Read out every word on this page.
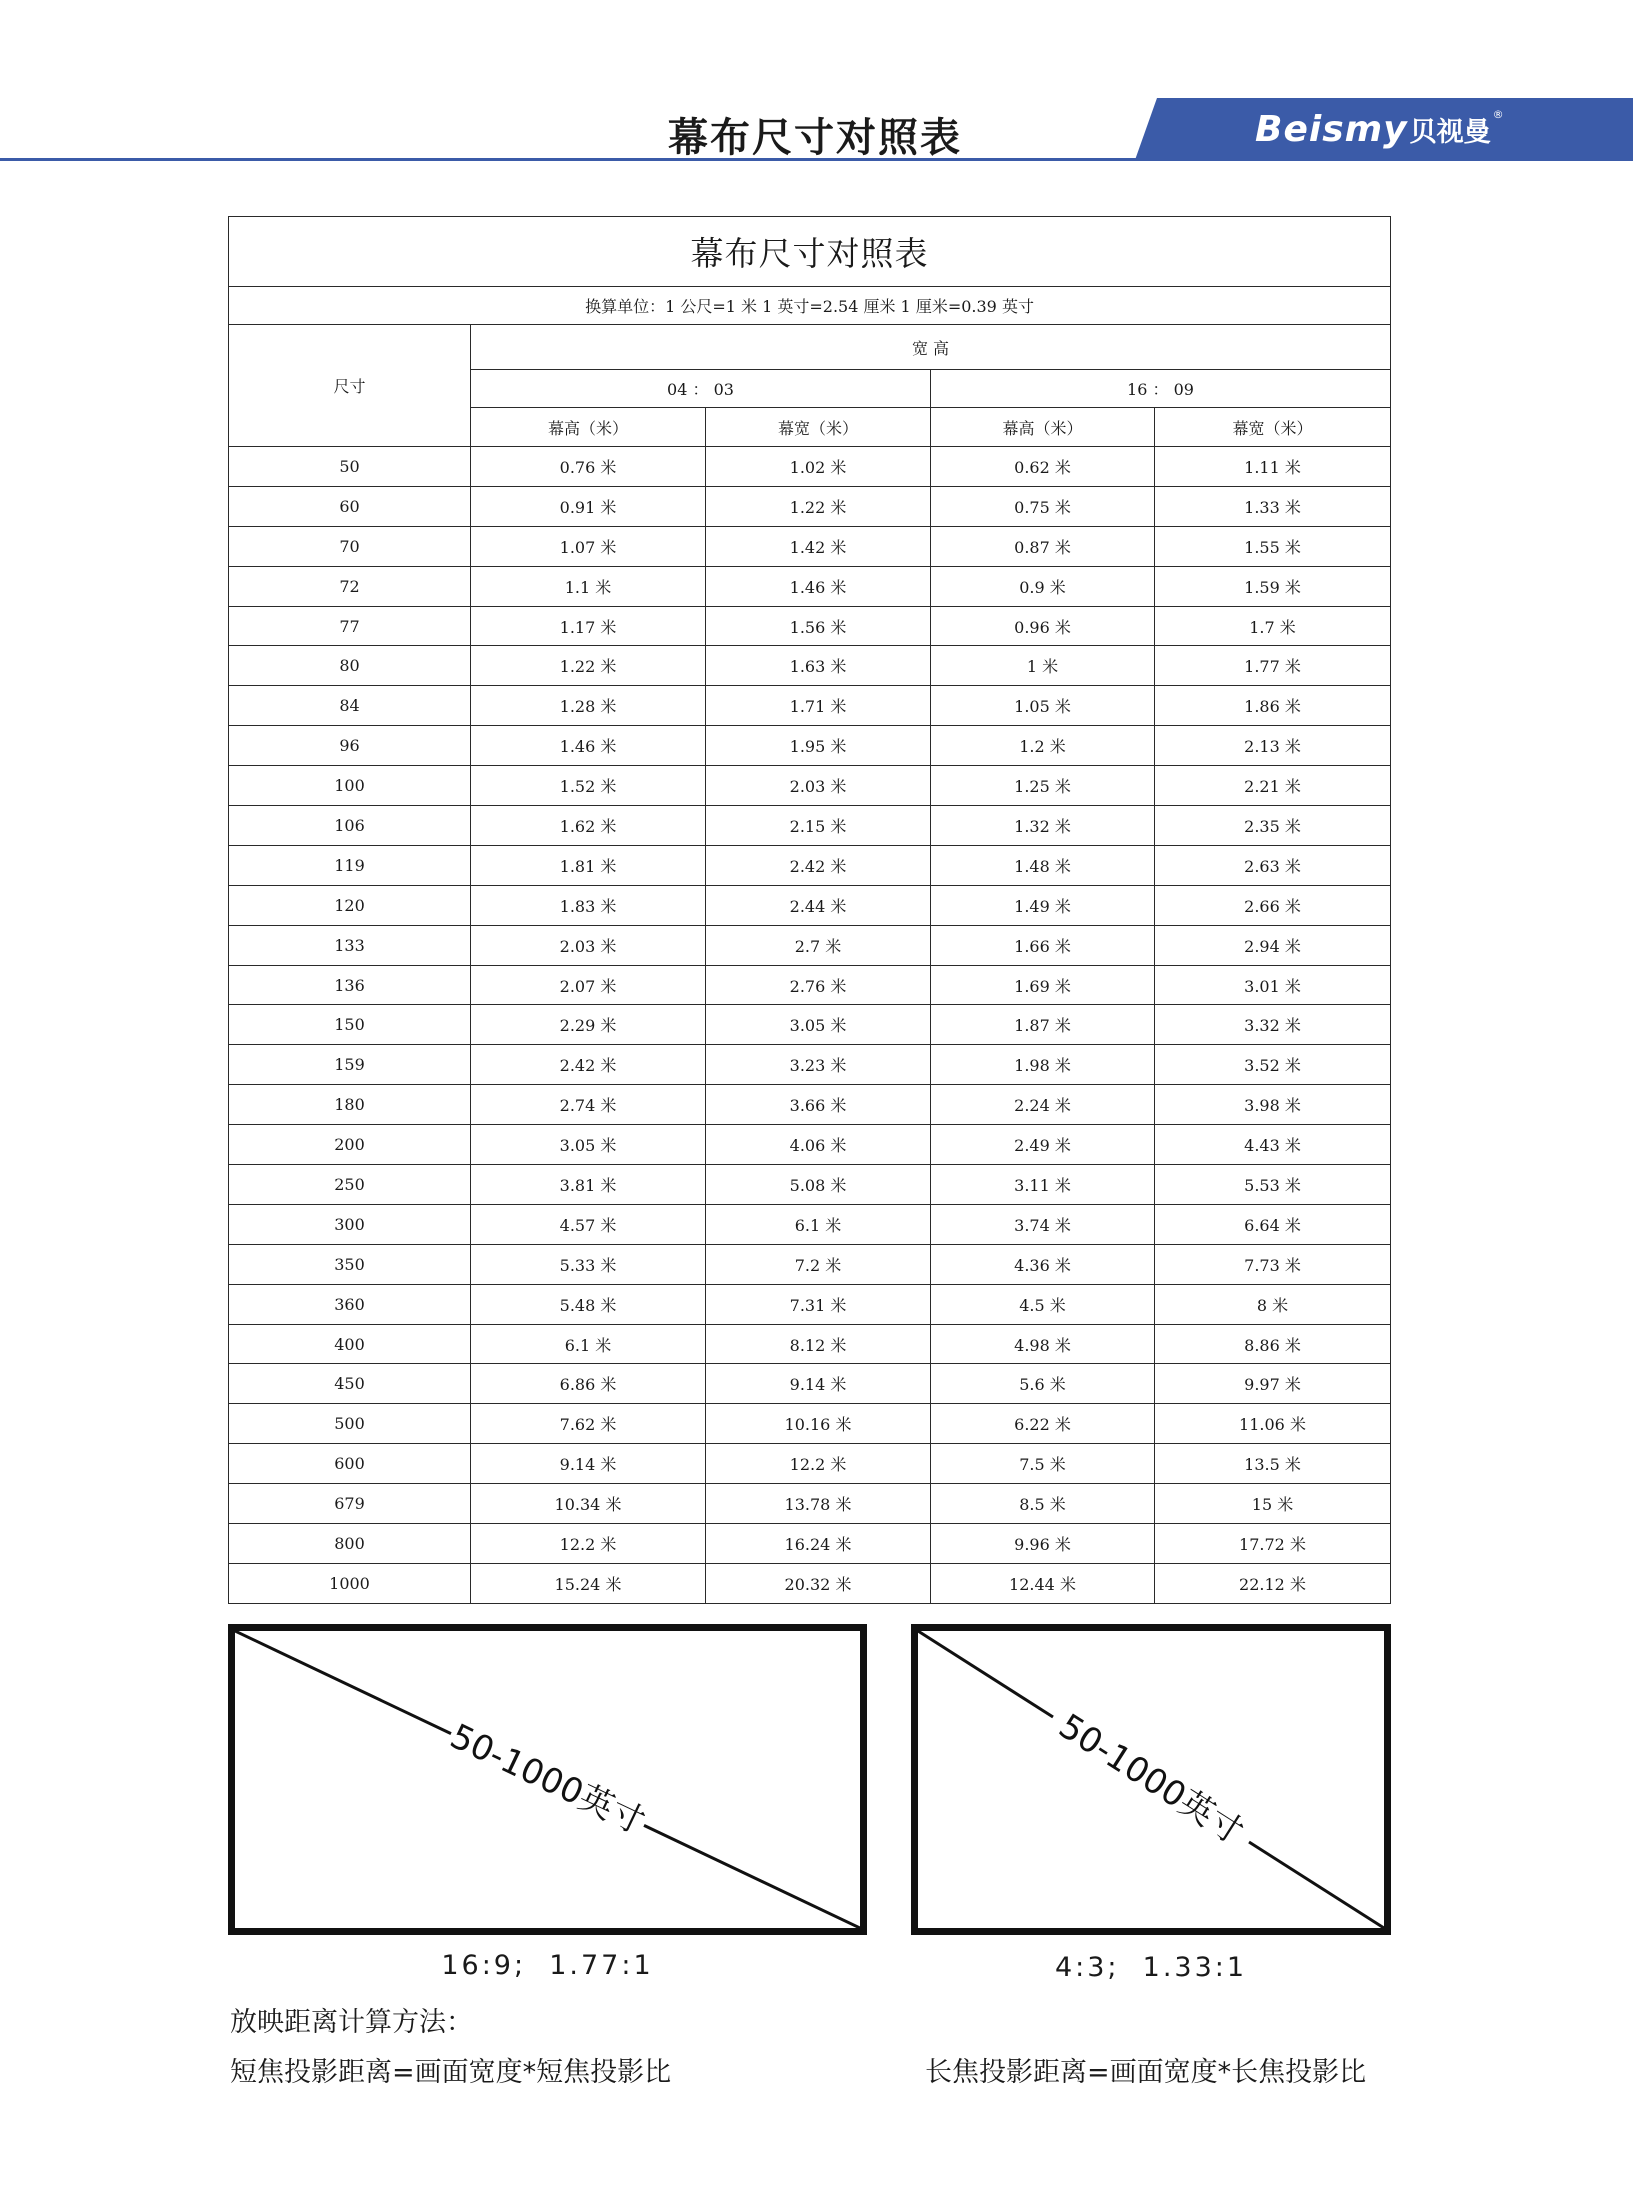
幕布尺寸对照表	Beismy贝视曼®
幕布尺寸对照表				
换算单位：1 公尺=1 米 1 英寸=2.54 厘米 1 厘米=0.39 英寸				
尺寸	宽 高			
	04 ： 03		16 ： 09	
	幕高（米）	幕宽（米）	幕高（米）	幕宽（米）
50	0.76 米	1.02 米	0.62 米	1.11 米
60	0.91 米	1.22 米	0.75 米	1.33 米
70	1.07 米	1.42 米	0.87 米	1.55 米
72	1.1 米	1.46 米	0.9 米	1.59 米
77	1.17 米	1.56 米	0.96 米	1.7 米
80	1.22 米	1.63 米	1 米	1.77 米
84	1.28 米	1.71 米	1.05 米	1.86 米
96	1.46 米	1.95 米	1.2 米	2.13 米
100	1.52 米	2.03 米	1.25 米	2.21 米
106	1.62 米	2.15 米	1.32 米	2.35 米
119	1.81 米	2.42 米	1.48 米	2.63 米
120	1.83 米	2.44 米	1.49 米	2.66 米
133	2.03 米	2.7 米	1.66 米	2.94 米
136	2.07 米	2.76 米	1.69 米	3.01 米
150	2.29 米	3.05 米	1.87 米	3.32 米
159	2.42 米	3.23 米	1.98 米	3.52 米
180	2.74 米	3.66 米	2.24 米	3.98 米
200	3.05 米	4.06 米	2.49 米	4.43 米
250	3.81 米	5.08 米	3.11 米	5.53 米
300	4.57 米	6.1 米	3.74 米	6.64 米
350	5.33 米	7.2 米	4.36 米	7.73 米
360	5.48 米	7.31 米	4.5 米	8 米
400	6.1 米	8.12 米	4.98 米	8.86 米
450	6.86 米	9.14 米	5.6 米	9.97 米
500	7.62 米	10.16 米	6.22 米	11.06 米
600	9.14 米	12.2 米	7.5 米	13.5 米
679	10.34 米	13.78 米	8.5 米	15 米
800	12.2 米	16.24 米	9.96 米	17.72 米
1000	15.24 米	20.32 米	12.44 米	22.12 米
50-1000英寸
16:9;  1.77:1
50-1000英寸
4:3;  1.33:1
放映距离计算方法：
短焦投影距离=画面宽度*短焦投影比	长焦投影距离=画面宽度*长焦投影比
